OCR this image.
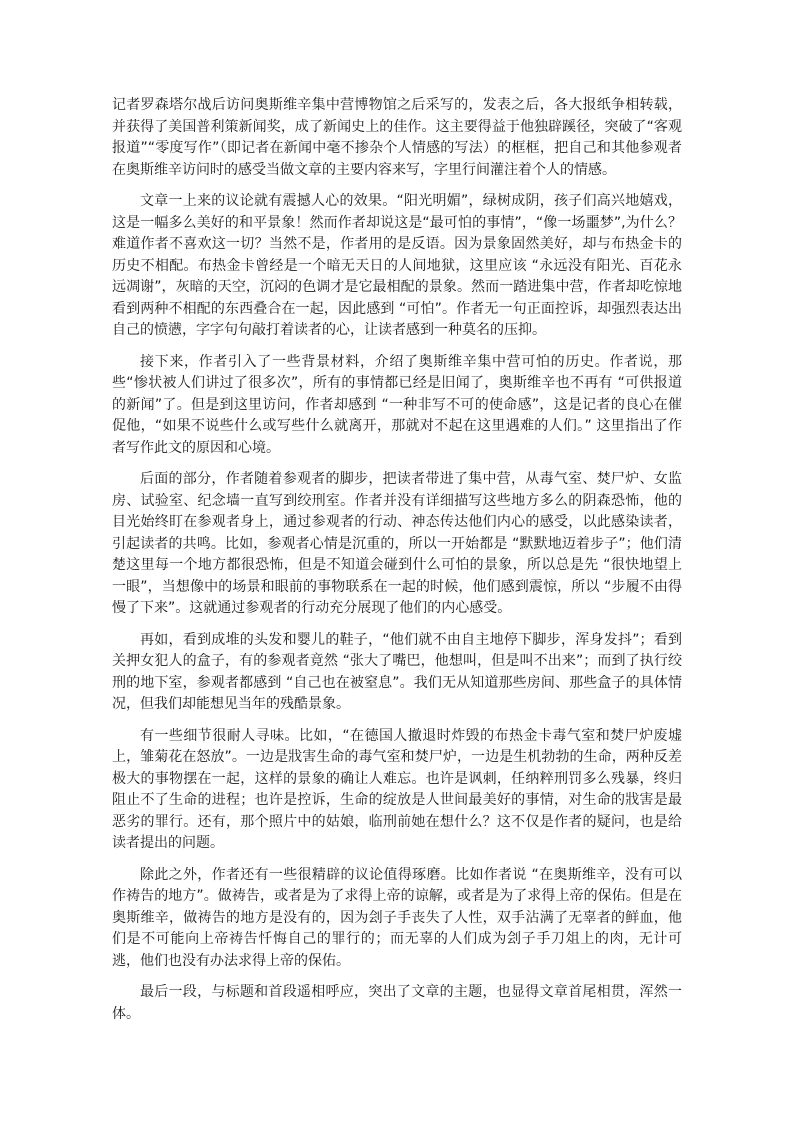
记者罗森塔尔战后访问奥斯维辛集中营博物馆之后采写的，发表之后，各大报纸争相转载，并获得了美国普利策新闻奖，成了新闻史上的佳作。这主要得益于他独辟蹊径，突破了“客观报道”“零度写作”（即记者在新闻中毫不掺杂个人情感的写法）的框框，把自己和其他参观者在奥斯维辛访问时的感受当做文章的主要内容来写，字里行间灌注着个人的情感。

文章一上来的议论就有震撼人心的效果。“阳光明媚”，绿树成阴，孩子们高兴地嬉戏，这是一幅多么美好的和平景象！然而作者却说这是“最可怕的事情”，“像一场噩梦”,为什么？难道作者不喜欢这一切？当然不是，作者用的是反语。因为景象固然美好，却与布热金卡的历史不相配。布热金卡曾经是一个暗无天日的人间地狱，这里应该 “永远没有阳光、百花永远凋谢”，灰暗的天空，沉闷的色调才是它最相配的景象。然而一踏进集中营，作者却吃惊地看到两种不相配的东西叠合在一起，因此感到 “可怕”。作者无一句正面控诉，却强烈表达出自己的愤懑，字字句句敲打着读者的心，让读者感到一种莫名的压抑。

接下来，作者引入了一些背景材料，介绍了奥斯维辛集中营可怕的历史。作者说，那些“惨状被人们讲过了很多次”，所有的事情都已经是旧闻了，奥斯维辛也不再有 “可供报道的新闻”了。但是到这里访问，作者却感到 “一种非写不可的使命感”，这是记者的良心在催促他，“如果不说些什么或写些什么就离开，那就对不起在这里遇难的人们。” 这里指出了作者写作此文的原因和心境。

后面的部分，作者随着参观者的脚步，把读者带进了集中营，从毒气室、焚尸炉、女监房、试验室、纪念墙一直写到绞刑室。作者并没有详细描写这些地方多么的阴森恐怖，他的目光始终盯在参观者身上，通过参观者的行动、神态传达他们内心的感受，以此感染读者，引起读者的共鸣。比如，参观者心情是沉重的，所以一开始都是 “默默地迈着步子”；他们清楚这里每一个地方都很恐怖，但是不知道会碰到什么可怕的景象，所以总是先 “很快地望上一眼”，当想像中的场景和眼前的事物联系在一起的时候，他们感到震惊，所以 “步履不由得慢了下来”。这就通过参观者的行动充分展现了他们的内心感受。

再如，看到成堆的头发和婴儿的鞋子，“他们就不由自主地停下脚步，浑身发抖”；看到关押女犯人的盒子，有的参观者竟然 “张大了嘴巴，他想叫，但是叫不出来”；而到了执行绞刑的地下室，参观者都感到 “自己也在被窒息”。我们无从知道那些房间、那些盒子的具体情况，但我们却能想见当年的残酷景象。

有一些细节很耐人寻味。比如，“在德国人撤退时炸毁的布热金卡毒气室和焚尸炉废墟上，雏菊花在怒放”。一边是戕害生命的毒气室和焚尸炉，一边是生机勃勃的生命，两种反差极大的事物摆在一起，这样的景象的确让人难忘。也许是讽刺，任纳粹刑罚多么残暴，终归阻止不了生命的进程；也许是控诉，生命的绽放是人世间最美好的事情，对生命的戕害是最恶劣的罪行。还有，那个照片中的姑娘，临刑前她在想什么？这不仅是作者的疑问，也是给读者提出的问题。

除此之外，作者还有一些很精辟的议论值得琢磨。比如作者说 “在奥斯维辛，没有可以作祷告的地方”。做祷告，或者是为了求得上帝的谅解，或者是为了求得上帝的保佑。但是在奥斯维辛，做祷告的地方是没有的，因为刽子手丧失了人性，双手沾满了无辜者的鲜血，他们是不可能向上帝祷告忏悔自己的罪行的；而无辜的人们成为刽子手刀俎上的肉，无计可逃，他们也没有办法求得上帝的保佑。

最后一段，与标题和首段遥相呼应，突出了文章的主题，也显得文章首尾相贯，浑然一体。
